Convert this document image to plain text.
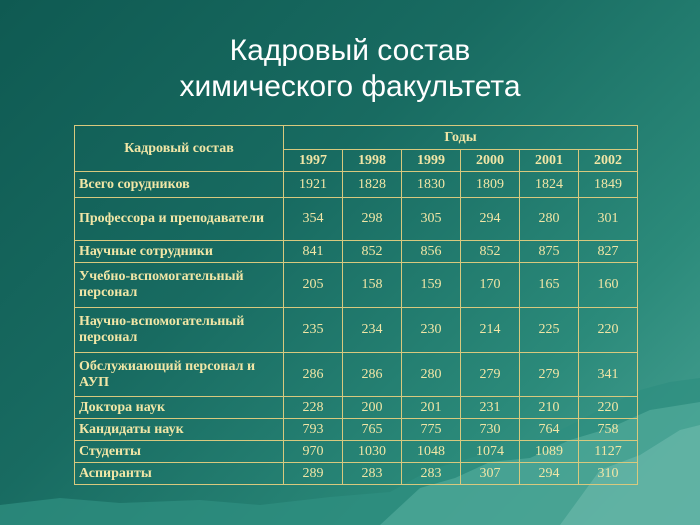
Кадровый состав
химического факультета
Кадровый состав	Годы					
	1997	1998	1999	2000	2001	2002
Всего сорудников	1921	1828	1830	1809	1824	1849
Профессора и преподаватели	354	298	305	294	280	301
Научные сотрудники	841	852	856	852	875	827
Учебно-вспомогательный персонал	205	158	159	170	165	160
Научно-вспомогательный персонал	235	234	230	214	225	220
Обслужиающий персонал и АУП	286	286	280	279	279	341
Доктора наук	228	200	201	231	210	220
Кандидаты наук	793	765	775	730	764	758
Студенты	970	1030	1048	1074	1089	1127
Аспиранты	289	283	283	307	294	310
